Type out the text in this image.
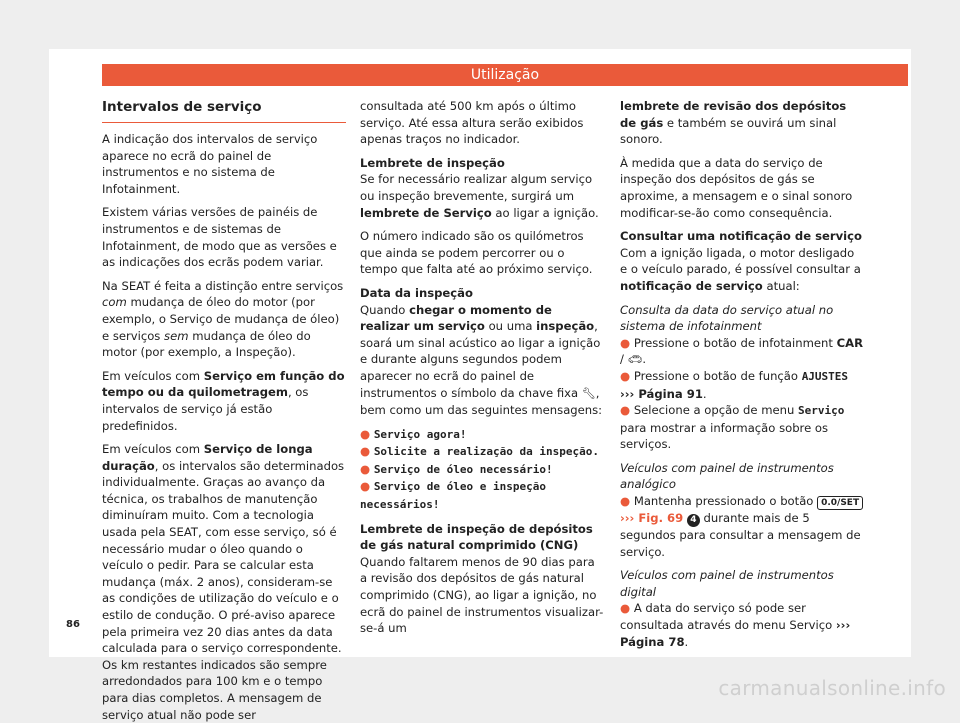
Utilização
Intervalos de serviço

A indicação dos intervalos de serviço aparece no ecrã do painel de instrumentos e no sistema de Infotainment.

Existem várias versões de painéis de instrumentos e de sistemas de Infotainment, de modo que as versões e as indicações dos ecrãs podem variar.

Na SEAT é feita a distinção entre serviços com mudança de óleo do motor (por exemplo, o Serviço de mudança de óleo) e serviços sem mudança de óleo do motor (por exemplo, a Inspeção).

Em veículos com Serviço em função do tempo ou da quilometragem, os intervalos de serviço já estão predefinidos.

Em veículos com Serviço de longa duração, os intervalos são determinados individualmente. Graças ao avanço da técnica, os trabalhos de manutenção diminuíram muito. Com a tecnologia usada pela SEAT, com esse serviço, só é necessário mudar o óleo quando o veículo o pedir. Para se calcular esta mudança (máx. 2 anos), consideram-se as condições de utilização do veículo e o estilo de condução. O pré-aviso aparece pela primeira vez 20 dias antes da data calculada para o serviço correspondente. Os km restantes indicados são sempre arredondados para 100 km e o tempo para dias completos. A mensagem de serviço atual não pode ser

consultada até 500 km após o último serviço. Até essa altura serão exibidos apenas traços no indicador.

Lembrete de inspeção

Se for necessário realizar algum serviço ou inspeção brevemente, surgirá um lembrete de Serviço ao ligar a ignição.

O número indicado são os quilómetros que ainda se podem percorrer ou o tempo que falta até ao próximo serviço.

Data da inspeção

Quando chegar o momento de realizar um serviço ou uma inspeção, soará um sinal acústico ao ligar a ignição e durante alguns segundos podem aparecer no ecrã do painel de instrumentos o símbolo da chave fixa 🔧︎, bem como um das seguintes mensagens:

● Serviço agora!

● Solicite a realização da inspeção.

● Serviço de óleo necessário!

● Serviço de óleo e inspeção necessários!

Lembrete de inspeção de depósitos de gás natural comprimido (CNG)

Quando faltarem menos de 90 dias para a revisão dos depósitos de gás natural comprimido (CNG), ao ligar a ignição, no ecrã do painel de instrumentos visualizar-se-á um

lembrete de revisão dos depósitos de gás e também se ouvirá um sinal sonoro.

À medida que a data do serviço de inspeção dos depósitos de gás se aproxime, a mensagem e o sinal sonoro modificar-se-ão como consequência.

Consultar uma notificação de serviço

Com a ignição ligada, o motor desligado e o veículo parado, é possível consultar a notificação de serviço atual:

Consulta da data do serviço atual no sistema de infotainment

● Pressione o botão de infotainment CAR / 🚗︎.

● Pressione o botão de função AJUSTES
››› Página 91.

● Selecione a opção de menu Serviço para mostrar a informação sobre os serviços.

Veículos com painel de instrumentos analógico

● Mantenha pressionado o botão 0.0/SET
››› Fig. 69 4 durante mais de 5 segundos para consultar a mensagem de serviço.

Veículos com painel de instrumentos digital

● A data do serviço só pode ser consultada através do menu Serviço ››› Página 78.

86
carmanualsonline.info
